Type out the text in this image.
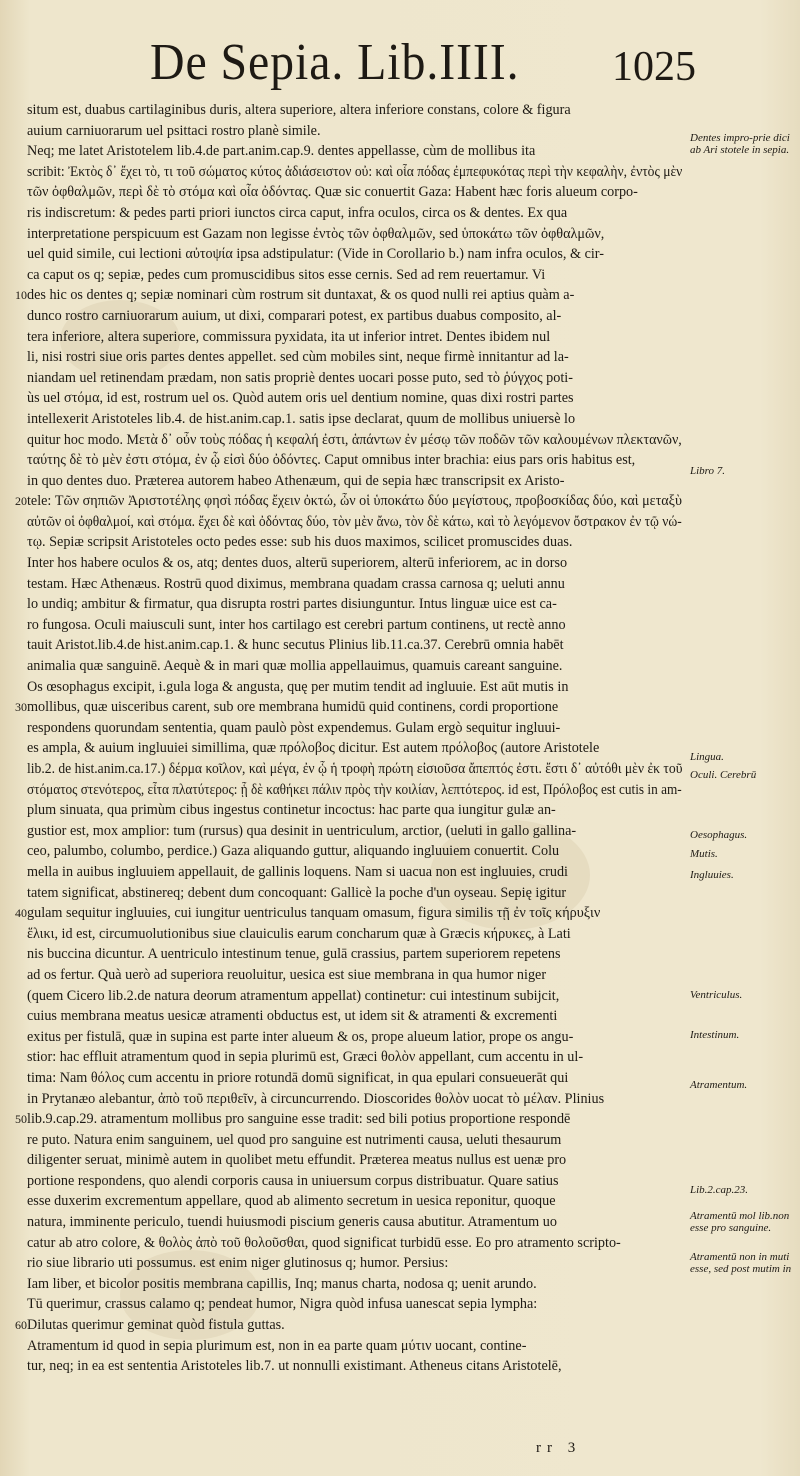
De Sepia. Lib.IIII. 1025
situm est, duabus cartilaginibus duris, altera superiore, altera inferiore constans, colore & figura
auium carniuorarum uel psittaci rostro planè simile.
Neq; me latet Aristotelem lib.4.de part.anim.cap.9. dentes appellasse, cùm de mollibus ita
scribit: Ἐκτὸς δ᾽ ἔχει τὸ, τι τοῦ σώματος κύτος ἀδιάσειστον οὐ: καὶ οἷα πόδας ἐμπεφυκότας περὶ τὴν κεφαλὴν, ἐντὸς μὲν
τῶν ὀφθαλμῶν, περὶ δὲ τὸ στόμα καὶ οἷα ὀδόντας. Quæ sic conuertit Gaza: Habent hæc foris alueum corpo-
ris indiscretum: & pedes parti priori iunctos circa caput, infra oculos, circa os & dentes. Ex qua
interpretatione perspicuum est Gazam non legisse ἐντὸς τῶν ὀφθαλμῶν, sed ὑποκάτω τῶν ὀφθαλμῶν,
uel quid simile, cui lectioni αὐτοψία ipsa adstipulatur: (Vide in Corollario b.) nam infra oculos, & cir-
ca caput os q; sepiæ, pedes cum promuscidibus sitos esse cernis. Sed ad rem reuertamur. Vi
10 des hic os dentes q; sepiæ nominari cùm rostrum sit duntaxat, & os quod nulli rei aptius quàm a-
dunco rostro carniuorarum auium, ut dixi, comparari potest, ex partibus duabus composito, al-
tera inferiore, altera superiore, commissura pyxidata, ita ut inferior intret. Dentes ibidem nul
li, nisi rostri siue oris partes dentes appellet. sed cùm mobiles sint, neque firmè innitantur ad la-
niandam uel retinendam prædam, non satis propriè dentes uocari posse puto, sed τὸ ῥύγχος poti-
ùs uel στόμα, id est, rostrum uel os. Quòd autem oris uel dentium nomine, quas dixi rostri partes
intellexerit Aristoteles lib.4. de hist.anim.cap.1. satis ipse declarat, quum de mollibus uniuersè lo
quitur hoc modo. Μετὰ δ᾽ οὖν τοὺς πόδας ἡ κεφαλή ἐστι, ἁπάντων ἐν μέσῳ τῶν ποδῶν τῶν καλουμένων πλεκτανῶν,
ταύτης δὲ τὸ μὲν ἐστι στόμα, ἐν ᾧ εἰσὶ δύο ὀδόντες. Caput omnibus inter brachia: eius pars oris habitus est,
in quo dentes duo. Præterea autorem habeo Athenæum, qui de sepia hæc transcripsit ex Aristo-
20 tele: Τῶν σηπιῶν Ἀριστοτέλης φησὶ πόδας ἔχειν ὀκτώ, ὧν οἱ ὑποκάτω δύο μεγίστους, προβοσκίδας δύο, καὶ μεταξὺ
αὐτῶν οἱ ὀφθαλμοί, καὶ στόμα. ἔχει δὲ καὶ ὀδόντας δύο, τὸν μὲν ἄνω, τὸν δὲ κάτω, καὶ τὸ λεγόμενον ὄστρακον ἐν τῷ νώ-
τῳ. Sepiæ scripsit Aristoteles octo pedes esse: sub his duos maximos, scilicet promuscides duas.
Inter hos habere oculos & os, atq; dentes duos, alterū superiorem, alterū inferiorem, ac in dorso
testam. Hæc Athenæus. Rostrū quod diximus, membrana quadam crassa carnosa q; ueluti annu
lo undiq; ambitur & firmatur, qua disrupta rostri partes disiunguntur. Intus linguæ uice est ca-
ro fungosa. Oculi maiusculi sunt, inter hos cartilago est cerebri partum continens, ut rectè anno
tauit Aristot.lib.4.de hist.anim.cap.1. & hunc secutus Plinius lib.11.ca.37. Cerebrū omnia habēt
animalia quæ sanguinē. Aequè & in mari quæ mollia appellauimus, quamuis careant sanguine.
Os œsophagus excipit, i.gula loga & angusta, quę per mutim tendit ad ingluuie. Est aūt mutis in
30 mollibus, quæ uisceribus carent, sub ore membrana humidū quid continens, cordi proportione
respondens quorundam sententia, quam paulò pòst expendemus. Gulam ergò sequitur ingluui-
es ampla, & auium ingluuiei simillima, quæ πρόλοβος dicitur. Est autem πρόλοβος (autore Aristotele
lib.2. de hist.anim.ca.17.) δέρμα κοῖλον, καὶ μέγα, ἐν ᾧ ἡ τροφὴ πρώτη εἰσιοῦσα ἄπεπτός ἐστι. ἔστι δ᾽ αὐτόθι μὲν ἐκ τοῦ
στόματος στενότερος, εἶτα πλατύτερος: ᾗ δὲ καθήκει πάλιν πρὸς τὴν κοιλίαν, λεπτότερος. id est, Πρόλοβος est cutis in am-
plum sinuata, qua primùm cibus ingestus continetur incoctus: hac parte qua iungitur gulæ an-
gustior est, mox amplior: tum (rursus) qua desinit in uentriculum, arctior, (ueluti in gallo gallina-
ceo, palumbo, columbo, perdice.) Gaza aliquando guttur, aliquando ingluuiem conuertit. Colu
mella in auibus ingluuiem appellauit, de gallinis loquens. Nam si uacua non est ingluuies, crudi
tatem significat, abstinereq; debent dum concoquant: Gallicè la poche d'un oyseau. Sepię igitur
40 gulam sequitur ingluuies, cui iungitur uentriculus tanquam omasum, figura similis τῇ ἐν τοῖς κήρυξιν
ἕλικι, id est, circumuolutionibus siue clauiculis earum concharum quæ à Græcis κήρυκες, à Lati
nis buccina dicuntur. A uentriculo intestinum tenue, gulā crassius, partem superiorem repetens
ad os fertur. Quà uerò ad superiora reuoluitur, uesica est siue membrana in qua humor niger
(quem Cicero lib.2.de natura deorum atramentum appellat) continetur: cui intestinum subijcit,
cuius membrana meatus uesicæ atramenti obductus est, ut idem sit & atramenti & excrementi
exitus per fistulā, quæ in supina est parte inter alueum & os, prope alueum latior, prope os angu-
stior: hac effluit atramentum quod in sepia plurimū est, Græci θολὸν appellant, cum accentu in ul-
tima: Nam θόλος cum accentu in priore rotundā domū significat, in qua epulari consueuerāt qui
in Prytanæo alebantur, ἀπὸ τοῦ περιθεῖν, à circuncurrendo. Dioscorides θολὸν uocat τὸ μέλαν. Plinius
50 lib.9.cap.29. atramentum mollibus pro sanguine esse tradit: sed bili potius proportione respondē
re puto. Natura enim sanguinem, uel quod pro sanguine est nutrimenti causa, ueluti thesaurum
diligenter seruat, minimè autem in quolibet metu effundit. Præterea meatus nullus est uenæ pro
portione respondens, quo alendi corporis causa in uniuersum corpus distribuatur. Quare satius
esse duxerim excrementum appellare, quod ab alimento secretum in uesica reponitur, quoque
natura, imminente periculo, tuendi huiusmodi piscium generis causa abutitur. Atramentum uo
catur ab atro colore, & θολὸς ἀπὸ τοῦ θολοῦσθαι, quod significat turbidū esse. Eo pro atramento scripto-
rio siue librario uti possumus. est enim niger glutinosus q; humor. Persius:
Iam liber, et bicolor positis membrana capillis, Inq; manus charta, nodosa q; uenit arundo.
Tū querimur, crassus calamo q; pendeat humor, Nigra quòd infusa uanescat sepia lympha:
60 Dilutas querimur geminat quòd fistula guttas.
Atramentum id quod in sepia plurimum est, non in ea parte quam μύτιν uocant, contine-
tur, neq; in ea est sententia Aristoteles lib.7. ut nonnulli existimant. Atheneus citans Aristotelē,
Dentes impro-prie dici ab Ari stotele in sepia.
Libro 7.
Lingua.
Oculi. Cerebrū
Oesophagus.
Mutis.
Ingluuies.
Ventriculus.
Intestinum.
Atramentum.
Lib.2.cap.23.
Atramentū mol lib.non esse pro sanguine.
Atramentū non in muti esse, sed post mutim in
rr 3
